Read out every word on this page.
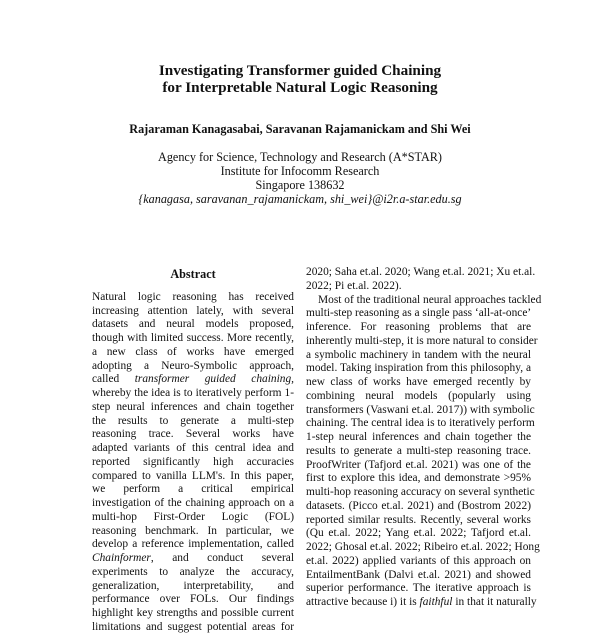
Investigating Transformer guided Chaining
for Interpretable Natural Logic Reasoning
Rajaraman Kanagasabai, Saravanan Rajamanickam and Shi Wei
Agency for Science, Technology and Research (A*STAR)
Institute for Infocomm Research
Singapore 138632
{kanagasa, saravanan_rajamanickam, shi_wei}@i2r.a-star.edu.sg
Abstract
Natural logic reasoning has received
increasing attention lately, with several
datasets and neural models proposed,
though with limited success. More recently,
a new class of works have emerged
adopting a Neuro-Symbolic approach,
called transformer guided chaining,
whereby the idea is to iteratively perform 1-
step neural inferences and chain together
the results to generate a multi-step
reasoning trace. Several works have
adapted variants of this central idea and
reported significantly high accuracies
compared to vanilla LLM's. In this paper,
we perform a critical empirical
investigation of the chaining approach on a
multi-hop First-Order Logic (FOL)
reasoning benchmark. In particular, we
develop a reference implementation, called
Chainformer, and conduct several
experiments to analyze the accuracy,
generalization, interpretability, and
performance over FOLs. Our findings
highlight key strengths and possible current
limitations and suggest potential areas for
2020; Saha et.al. 2020; Wang et.al. 2021; Xu et.al.
2022; Pi et.al. 2022).
Most of the traditional neural approaches tackled
multi-step reasoning as a single pass ‘all-at-once’
inference. For reasoning problems that are
inherently multi-step, it is more natural to consider
a symbolic machinery in tandem with the neural
model. Taking inspiration from this philosophy, a
new class of works have emerged recently by
combining neural models (popularly using
transformers (Vaswani et.al. 2017)) with symbolic
chaining. The central idea is to iteratively perform
1-step neural inferences and chain together the
results to generate a multi-step reasoning trace.
ProofWriter (Tafjord et.al. 2021) was one of the
first to explore this idea, and demonstrate >95%
multi-hop reasoning accuracy on several synthetic
datasets. (Picco et.al. 2021) and (Bostrom 2022)
reported similar results. Recently, several works
(Qu et.al. 2022; Yang et.al. 2022; Tafjord et.al.
2022; Ghosal et.al. 2022; Ribeiro et.al. 2022; Hong
et.al. 2022) applied variants of this approach on
EntailmentBank (Dalvi et.al. 2021) and showed
superior performance. The iterative approach is
attractive because i) it is faithful in that it naturally
